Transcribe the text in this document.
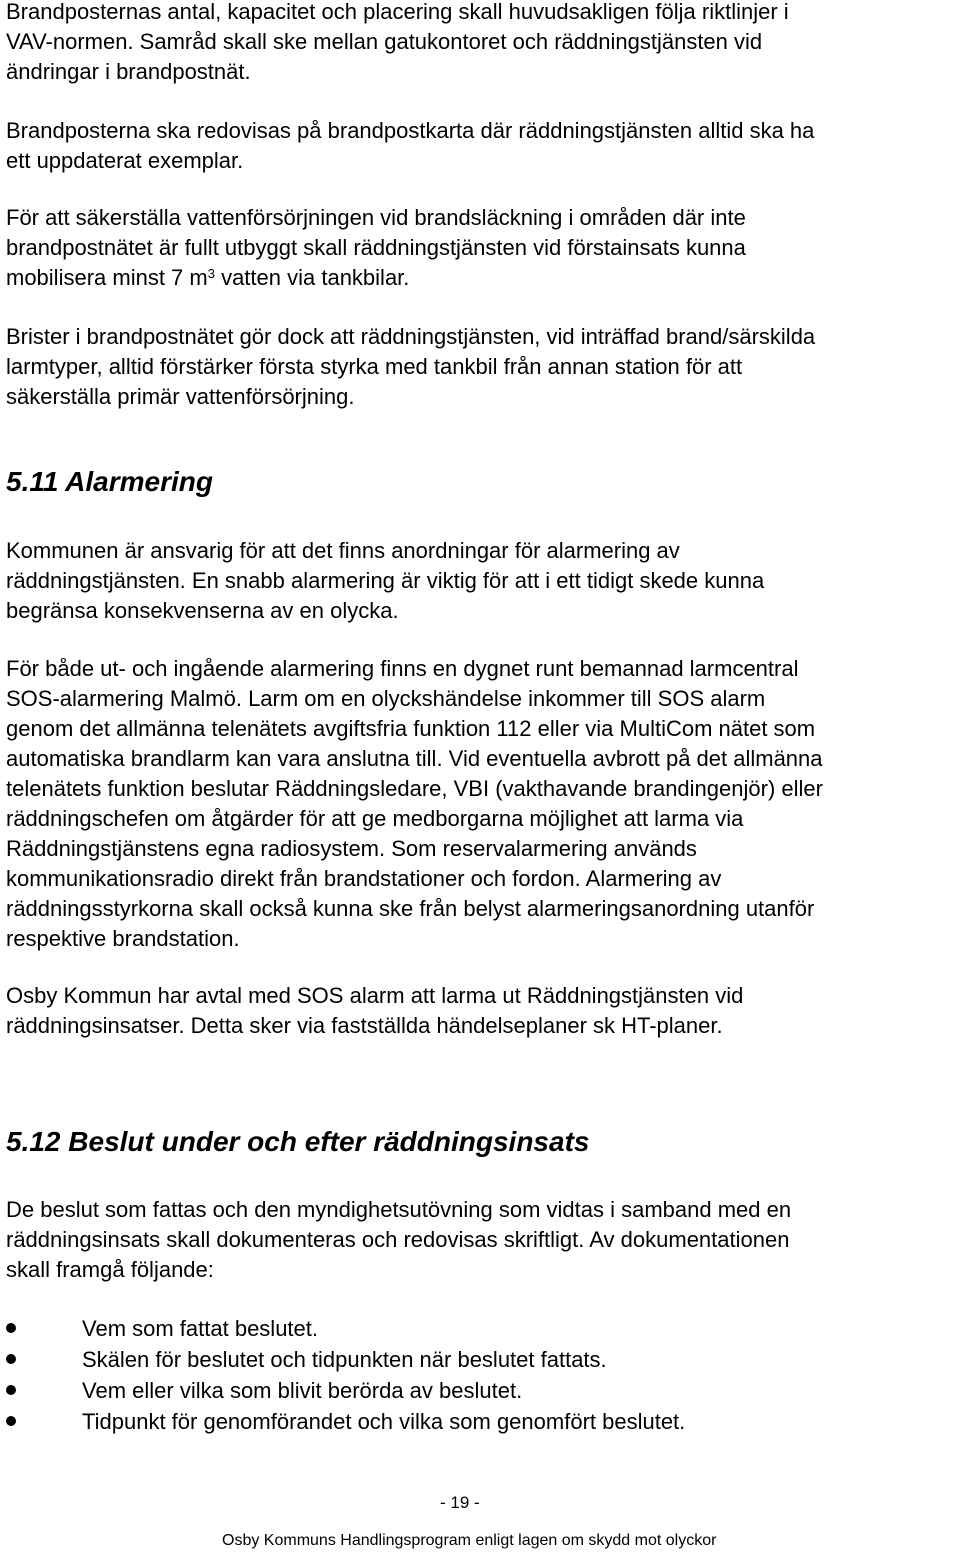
Brandposternas antal, kapacitet och placering skall huvudsakligen följa riktlinjer i
VAV-normen. Samråd skall ske mellan gatukontoret och räddningstjänsten vid
ändringar i brandpostnät.

Brandposterna ska redovisas på brandpostkarta där räddningstjänsten alltid ska ha
ett uppdaterat exemplar.

För att säkerställa vattenförsörjningen vid brandsläckning i områden där inte
brandpostnätet är fullt utbyggt skall räddningstjänsten vid förstainsats kunna
mobilisera minst 7 $m^3$ vatten via tankbilar.

Brister i brandpostnätet gör dock att räddningstjänsten, vid inträffad brand/särskilda
larmtyper, alltid förstärker första styrka med tankbil från annan station för att
säkerställa primär vattenförsörjning.

5.11 Alarmering

Kommunen är ansvarig för att det finns anordningar för alarmering av
räddningstjänsten. En snabb alarmering är viktig för att i ett tidigt skede kunna
begränsa konsekvenserna av en olycka.

För både ut- och ingående alarmering finns en dygnet runt bemannad larmcentral
SOS-alarmering Malmö. Larm om en olyckshändelse inkommer till SOS alarm
genom det allmänna telenätets avgiftsfria funktion 112 eller via MultiCom nätet som
automatiska brandlarm kan vara anslutna till. Vid eventuella avbrott på det allmänna
telenätets funktion beslutar Räddningsledare, VBI (vakthavande brandingenjör) eller
räddningschefen om åtgärder för att ge medborgarna möjlighet att larma via
Räddningstjänstens egna radiosystem. Som reservalarmering används
kommunikationsradio direkt från brandstationer och fordon. Alarmering av
räddningsstyrkorna skall också kunna ske från belyst alarmeringsanordning utanför
respektive brandstation.

Osby Kommun har avtal med SOS alarm att larma ut Räddningstjänsten vid
räddningsinsatser. Detta sker via fastställda händelseplaner sk HT-planer.

5.12 Beslut under och efter räddningsinsats

De beslut som fattas och den myndighetsutövning som vidtas i samband med en
räddningsinsats skall dokumenteras och redovisas skriftligt. Av dokumentationen
skall framgå följande:

Vem som fattat beslutet.
Skälen för beslutet och tidpunkten när beslutet fattats.
Vem eller vilka som blivit berörda av beslutet.
Tidpunkt för genomförandet och vilka som genomfört beslutet.
- 19 -
Osby Kommuns Handlingsprogram enligt lagen om skydd mot olyckor
